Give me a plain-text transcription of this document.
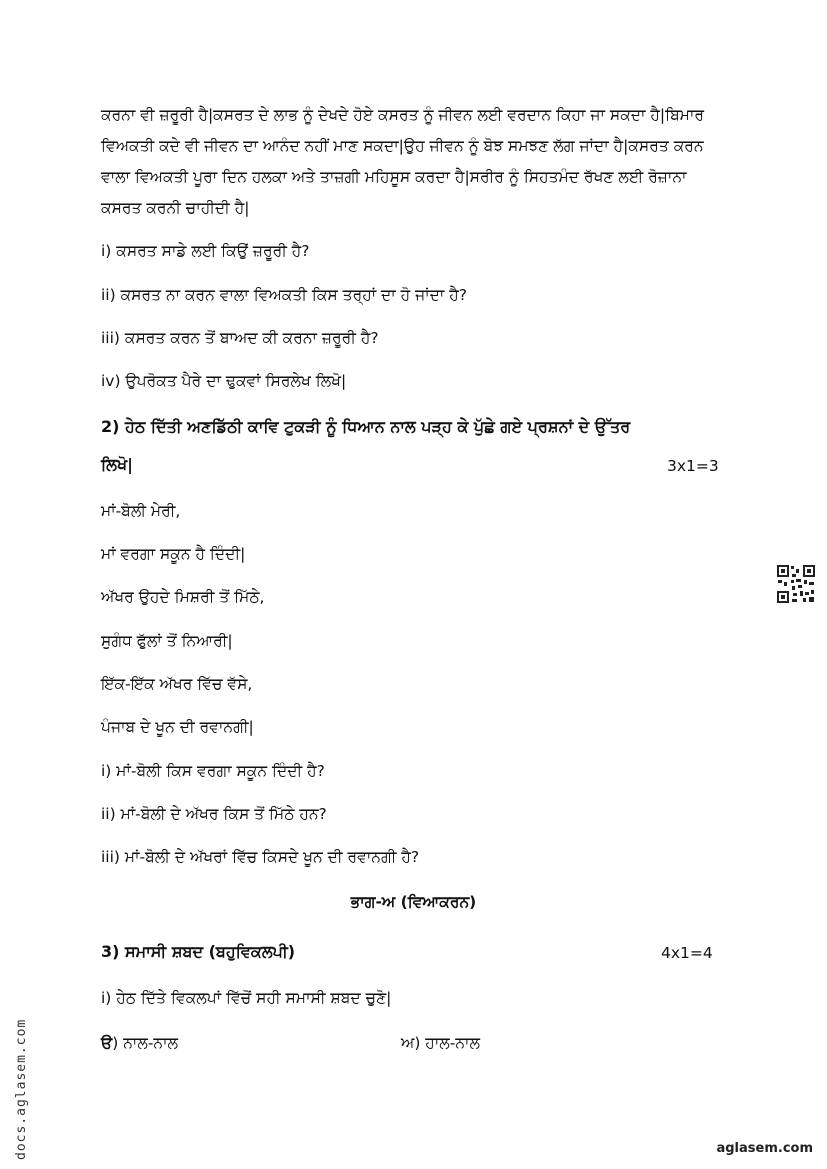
ਕਰਨਾ ਵੀ ਜ਼ਰੂਰੀ ਹੈ|ਕਸਰਤ ਦੇ ਲਾਭ ਨੂੰ ਦੇਖਦੇ ਹੋਏ ਕਸਰਤ ਨੂੰ ਜੀਵਨ ਲਈ ਵਰਦਾਨ ਕਿਹਾ ਜਾ ਸਕਦਾ ਹੈ|ਬਿਮਾਰ ਵਿਅਕਤੀ ਕਦੇ ਵੀ ਜੀਵਨ ਦਾ ਆਨੰਦ ਨਹੀਂ ਮਾਣ ਸਕਦਾ|ਉਹ ਜੀਵਨ ਨੂੰ ਬੋਝ ਸਮਝਣ ਲੱਗ ਜਾਂਦਾ ਹੈ|ਕਸਰਤ ਕਰਨ ਵਾਲਾ ਵਿਅਕਤੀ ਪੂਰਾ ਦਿਨ ਹਲਕਾ ਅਤੇ ਤਾਜ਼ਗੀ ਮਹਿਸੂਸ ਕਰਦਾ ਹੈ|ਸਰੀਰ ਨੂੰ ਸਿਹਤਮੰਦ ਰੱਖਣ ਲਈ ਰੋਜ਼ਾਨਾ ਕਸਰਤ ਕਰਨੀ ਚਾਹੀਦੀ ਹੈ|
i) ਕਸਰਤ ਸਾਡੇ ਲਈ ਕਿਉਂ ਜ਼ਰੂਰੀ ਹੈ?
ii) ਕਸਰਤ ਨਾ ਕਰਨ ਵਾਲਾ ਵਿਅਕਤੀ ਕਿਸ ਤਰ੍ਹਾਂ ਦਾ ਹੋ ਜਾਂਦਾ ਹੈ?
iii) ਕਸਰਤ ਕਰਨ ਤੋਂ ਬਾਅਦ ਕੀ ਕਰਨਾ ਜ਼ਰੂਰੀ ਹੈ?
iv) ਉਪਰੋਕਤ ਪੈਰੇ ਦਾ ਢੁਕਵਾਂ ਸਿਰਲੇਖ ਲਿਖੋ|
2) ਹੇਠ ਦਿੱਤੀ ਅਣਡਿੱਠੀ ਕਾਵਿ ਟੁਕੜੀ ਨੂੰ ਧਿਆਨ ਨਾਲ ਪੜ੍ਹ ਕੇ ਪੁੱਛੇ ਗਏ ਪ੍ਰਸ਼ਨਾਂ ਦੇ ਉੱਤਰ
ਲਿਖੋ|	3x1=3
ਮਾਂ-ਬੋਲੀ ਮੇਰੀ,
ਮਾਂ ਵਰਗਾ ਸਕੂਨ ਹੈ ਦਿੰਦੀ|
ਅੱਖਰ ਉਹਦੇ ਮਿਸ਼ਰੀ ਤੋਂ ਮਿੱਠੇ,
ਸੁਗੰਧ ਫੁੱਲਾਂ ਤੋਂ ਨਿਆਰੀ|
ਇੱਕ-ਇੱਕ ਅੱਖਰ ਵਿੱਚ ਵੱਸੇ,
ਪੰਜਾਬ ਦੇ ਖੂਨ ਦੀ ਰਵਾਨਗੀ|
i) ਮਾਂ-ਬੋਲੀ ਕਿਸ ਵਰਗਾ ਸਕੂਨ ਦਿੰਦੀ ਹੈ?
ii) ਮਾਂ-ਬੋਲੀ ਦੇ ਅੱਖਰ ਕਿਸ ਤੋਂ ਮਿੱਠੇ ਹਨ?
iii) ਮਾਂ-ਬੋਲੀ ਦੇ ਅੱਖਰਾਂ ਵਿੱਚ ਕਿਸਦੇ ਖੂਨ ਦੀ ਰਵਾਨਗੀ ਹੈ?
ਭਾਗ-ਅ (ਵਿਆਕਰਨ)
3) ਸਮਾਸੀ ਸ਼ਬਦ (ਬਹੁਵਿਕਲਪੀ)	4x1=4
i) ਹੇਠ ਦਿੱਤੇ ਵਿਕਲਪਾਂ ਵਿੱਚੋਂ ਸਹੀ ਸਮਾਸੀ ਸ਼ਬਦ ਚੁਣੋ|
ੳ) ਨਾਲ-ਨਾਲ	ਅ) ਹਾਲ-ਨਾਲ
docs.aglasem.com	aglasem.com
